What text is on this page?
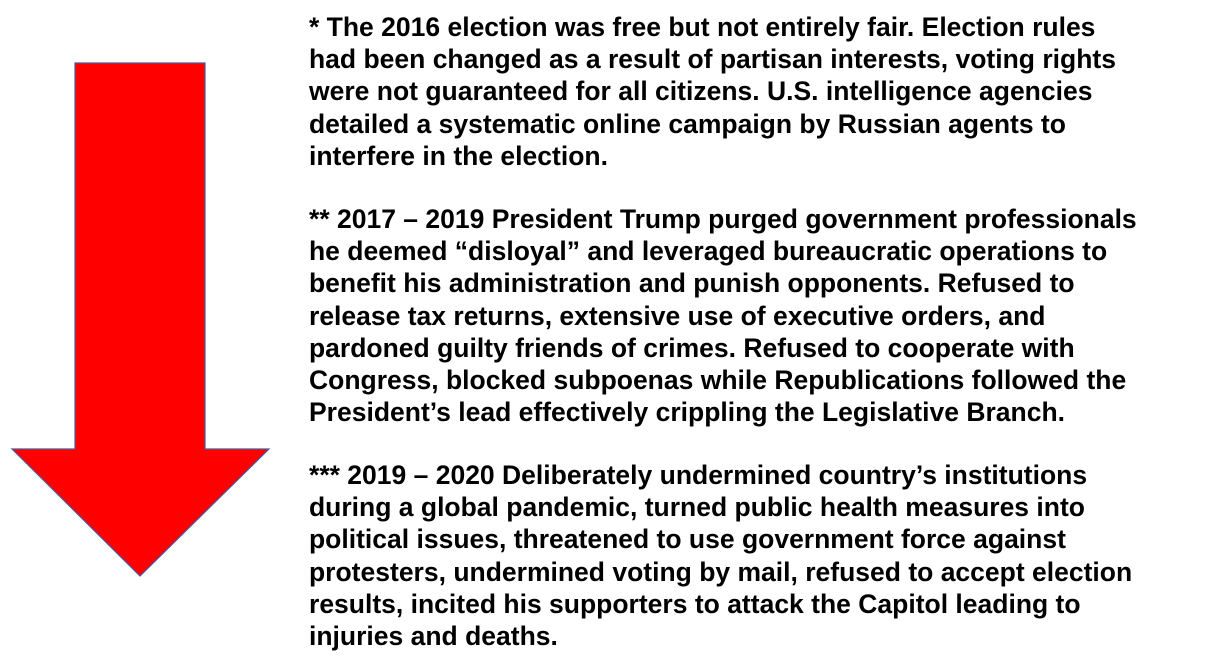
* The 2016 election was free but not entirely fair. Election rules
had been changed as a result of partisan interests, voting rights
were not guaranteed for all citizens. U.S. intelligence agencies
detailed a systematic online campaign by Russian agents to
interfere in the election.

** 2017 – 2019 President Trump purged government professionals
he deemed “disloyal” and leveraged bureaucratic operations to
benefit his administration and punish opponents. Refused to
release tax returns, extensive use of executive orders, and
pardoned guilty friends of crimes. Refused to cooperate with
Congress, blocked subpoenas while Republications followed the
President’s lead effectively crippling the Legislative Branch.

*** 2019 – 2020 Deliberately undermined country’s institutions
during a global pandemic, turned public health measures into
political issues, threatened to use government force against
protesters, undermined voting by mail, refused to accept election
results, incited his supporters to attack the Capitol leading to
injuries and deaths.
